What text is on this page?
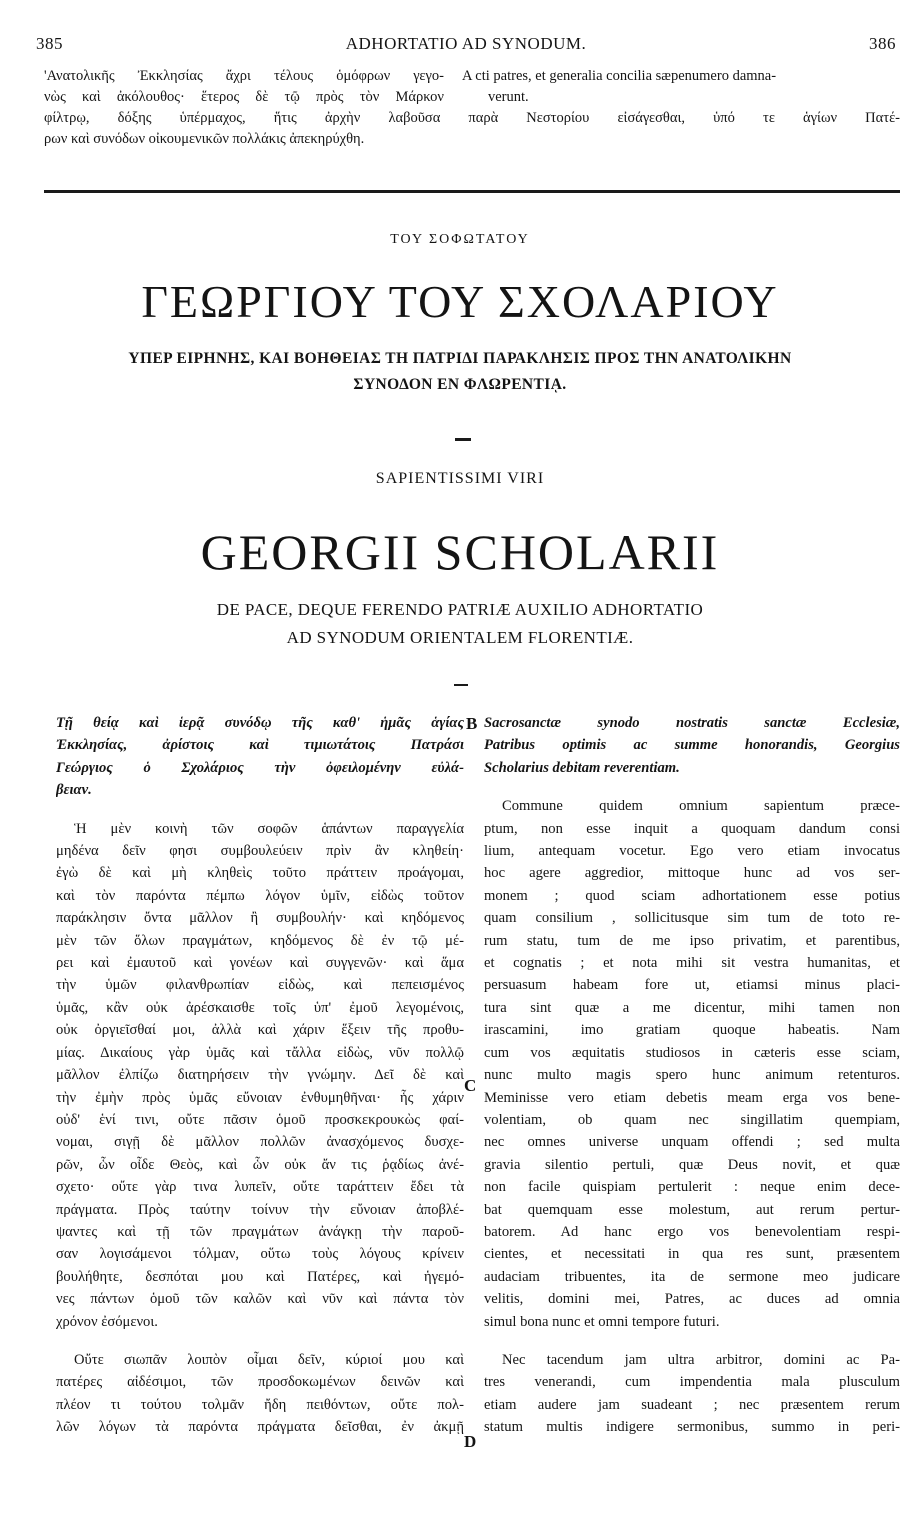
385	ADHORTATIO AD SYNODUM.	386
'Ανατολικῆς Ἐκκλησίας ἄχρι τέλους ὁμόφρων γεγο-
νὼς καὶ ἀκόλουθος· ἕτερος δὲ τῷ πρὸς τὸν Μάρκον
φίλτρῳ, δόξης ὑπέρμαχος, ἥτις ἀρχὴν λαβοῦσα παρὰ Νεστορίου εἰσάγεσθαι, ὑπό τε ἁγίων Πατέ-
ρων καὶ συνόδων οἰκουμενικῶν πολλάκις ἀπεκηρύχθη.
A cti patres, et generalia concilia sæpenumero damna-
verunt.
ΤΟΥ ΣΟΦΩΤΑΤΟΥ
ΓΕΩΡΓΙΟΥ ΤΟΥ ΣΧΟΛΑΡΙΟΥ
ΥΠΕΡ ΕΙΡΗΝΗΣ, ΚΑΙ ΒΟΗΘΕΙΑΣ ΤΗ ΠΑΤΡΙΔΙ ΠΑΡΑΚΛΗΣΙΣ ΠΡΟΣ ΤΗΝ ΑΝΑΤΟΛΙΚΗΝ
ΣΥΝΟΔΟΝ ΕΝ ΦΛΩΡΕΝΤΙᾼ.
SAPIENTISSIMI VIRI
GEORGII SCHOLARII
DE PACE, DEQUE FERENDO PATRIÆ AUXILIO ADHORTATIO
AD SYNODUM ORIENTALEM FLORENTIÆ.
Τῇ θείᾳ καὶ ἱερᾷ συνόδῳ τῆς καθ' ἡμᾶς ἁγίας
Ἐκκλησίας, ἀρίστοις καὶ τιμιωτάτοις Πατράσι
Γεώργιος ὁ Σχολάριος τὴν ὀφειλομένην εὐλά-
βειαν.
Ἡ μὲν κοινὴ τῶν σοφῶν ἁπάντων παραγγελία
μηδένα δεῖν φησι συμβουλεύειν πρὶν ἂν κληθείη·
ἐγὼ δὲ καὶ μὴ κληθεὶς τοῦτο πράττειν προάγομαι,
καὶ τὸν παρόντα πέμπω λόγον ὑμῖν, εἰδὼς τοῦτον
παράκλησιν ὄντα μᾶλλον ἢ συμβουλήν· καὶ κηδόμενος
μὲν τῶν ὅλων πραγμάτων, κηδόμενος δὲ ἐν τῷ μέ-
ρει καὶ ἐμαυτοῦ καὶ γονέων καὶ συγγενῶν· καὶ ἅμα
τὴν ὑμῶν φιλανθρωπίαν εἰδὼς, καὶ πεπεισμένος
ὑμᾶς, κἂν οὐκ ἀρέσκαισθε τοῖς ὑπ' ἐμοῦ λεγομένοις,
οὐκ ὀργιεῖσθαί μοι, ἀλλὰ καὶ χάριν ἕξειν τῆς προθυ-
μίας. Δικαίους γὰρ ὑμᾶς καὶ τἄλλα εἰδὼς, νῦν πολλῷ
μᾶλλον ἐλπίζω διατηρήσειν τὴν γνώμην. Δεῖ δὲ καὶ
τὴν ἐμὴν πρὸς ὑμᾶς εὔνοιαν ἐνθυμηθῆναι· ἧς χάριν
οὐδ' ἑνί τινι, οὔτε πᾶσιν ὁμοῦ προσκεκρουκὼς φαί-
νομαι, σιγῇ δὲ μᾶλλον πολλῶν ἀνασχόμενος δυσχε-
ρῶν, ὧν οἶδε Θεὸς, καὶ ὧν οὐκ ἄν τις ῥᾳδίως ἀνέ-
σχετο· οὔτε γὰρ τινα λυπεῖν, οὔτε ταράττειν ἔδει τὰ
πράγματα. Πρὸς ταύτην τοίνυν τὴν εὔνοιαν ἀποβλέ-
ψαντες καὶ τῇ τῶν πραγμάτων ἀνάγκῃ τὴν παροῦ-
σαν λογισάμενοι τόλμαν, οὕτω τοὺς λόγους κρίνειν
βουλήθητε, δεσπόται μου καὶ Πατέρες, καὶ ἡγεμό-
νες πάντων ὁμοῦ τῶν καλῶν καὶ νῦν καὶ πάντα τὸν
χρόνον ἐσόμενοι.
Οὔτε σιωπᾶν λοιπὸν οἶμαι δεῖν, κύριοί μου καὶ
πατέρες αἰδέσιμοι, τῶν προσδοκωμένων δεινῶν καὶ
πλέον τι τούτου τολμᾶν ἤδη πειθόντων, οὔτε πολ-
λῶν λόγων τὰ παρόντα πράγματα δεῖσθαι, ἐν ἀκμῇ
Sacrosanctæ synodo nostratis sanctæ Ecclesiæ,
Patribus optimis ac summe honorandis, Georgius
Scholarius debitam reverentiam.
Commune quidem omnium sapientum præce-
ptum, non esse inquit a quoquam dandum consi
lium, antequam vocetur. Ego vero etiam invocatus
hoc agere aggredior, mittoque hunc ad vos ser-
monem ; quod sciam adhortationem esse potius
quam consilium , sollicitusque sim tum de toto re-
rum statu, tum de me ipso privatim, et parentibus,
et cognatis ; et nota mihi sit vestra humanitas, et
persuasum habeam fore ut, etiamsi minus placi-
tura sint quæ a me dicentur, mihi tamen non
irascamini, imo gratiam quoque habeatis. Nam
cum vos æquitatis studiosos in cæteris esse sciam,
nunc multo magis spero hunc animum retenturos.
Meminisse vero etiam debetis meam erga vos bene-
volentiam, ob quam nec singillatim quempiam,
nec omnes universe unquam offendi ; sed multa
gravia silentio pertuli, quæ Deus novit, et quæ
non facile quispiam pertulerit : neque enim dece-
bat quemquam esse molestum, aut rerum pertur-
batorem. Ad hanc ergo vos benevolentiam respi-
cientes, et necessitati in qua res sunt, præsentem
audaciam tribuentes, ita de sermone meo judicare
velitis, domini mei, Patres, ac duces ad omnia
simul bona nunc et omni tempore futuri.
Nec tacendum jam ultra arbitror, domini ac Pa-
tres venerandi, cum impendentia mala plusculum
etiam audere jam suadeant ; nec præsentem rerum
statum multis indigere sermonibus, summo in peri-
B
C
D
